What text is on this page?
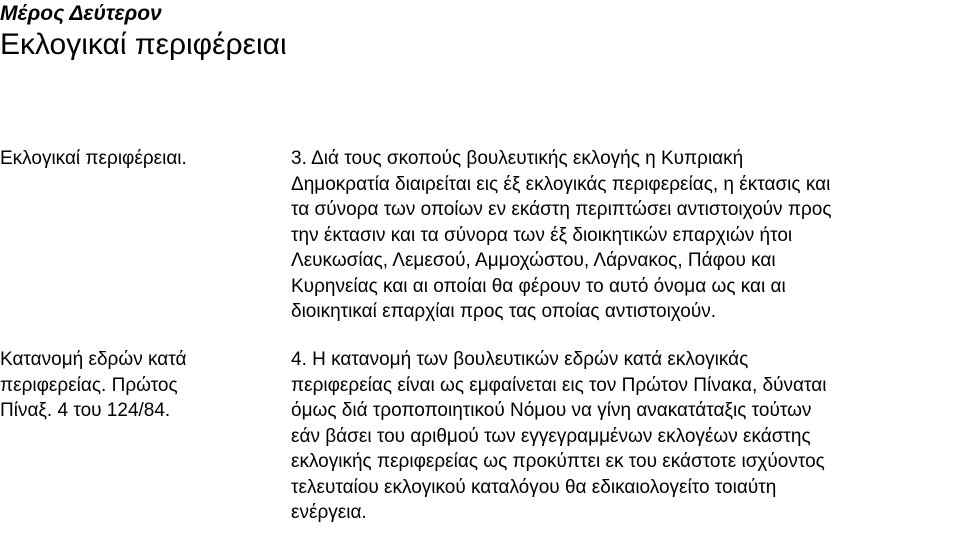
Μέρος Δεύτερον
Εκλογικαί περιφέρειαι
Εκλογικαί περιφέρειαι.
Κατανομή εδρών κατά
περιφερείας. Πρώτος
Πίναξ. 4 του 124/84.
3. Διά τους σκοπούς βουλευτικής εκλογής η Κυπριακή
Δημοκρατία διαιρείται εις έξ εκλογικάς περιφερείας, η έκτασις και
τα σύνορα των οποίων εν εκάστη περιπτώσει αντιστοιχούν προς
την έκτασιν και τα σύνορα των έξ διοικητικών επαρχιών ήτοι
Λευκωσίας, Λεμεσού, Αμμοχώστου, Λάρνακος, Πάφου και
Κυρηνείας και αι οποίαι θα φέρουν το αυτό όνομα ως και αι
διοικητικαί επαρχίαι προς τας οποίας αντιστοιχούν.
4. Η κατανομή των βουλευτικών εδρών κατά εκλογικάς
περιφερείας είναι ως εμφαίνεται εις τον Πρώτον Πίνακα, δύναται
όμως διά τροποποιητικού Νόμου να γίνη ανακατάταξις τούτων
εάν βάσει του αριθμού των εγγεγραμμένων εκλογέων εκάστης
εκλογικής περιφερείας ως προκύπτει εκ του εκάστοτε ισχύοντος
τελευταίου εκλογικού καταλόγου θα εδικαιολογείτο τοιαύτη
ενέργεια.
